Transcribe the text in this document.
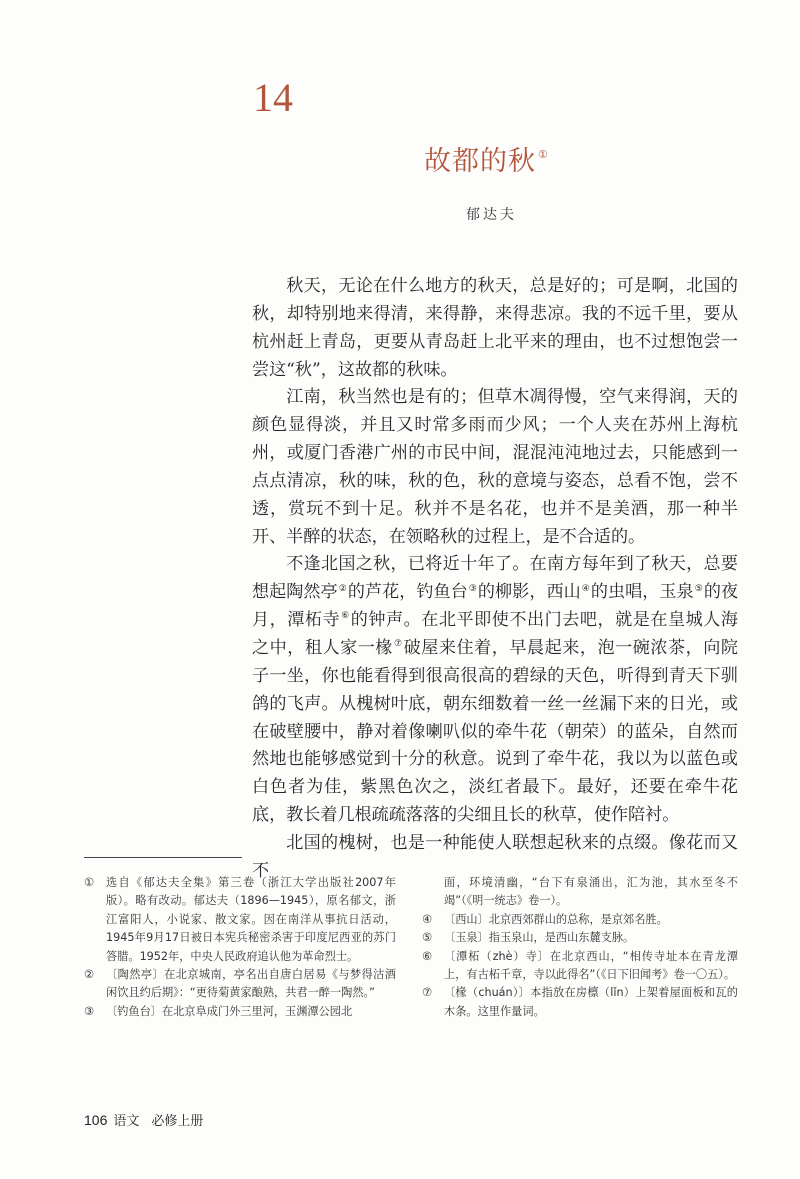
14
故都的秋 ①
郁达夫

秋天，无论在什么地方的秋天，总是好的；可是啊，北国的秋，却特别地来得清，来得静，来得悲凉。我的不远千里，要从杭州赶上青岛，更要从青岛赶上北平来的理由，也不过想饱尝一尝这“秋”，这故都的秋味。

江南，秋当然也是有的；但草木凋得慢，空气来得润，天的颜色显得淡，并且又时常多雨而少风；一个人夹在苏州上海杭州，或厦门香港广州的市民中间，混混沌沌地过去，只能感到一点点清凉，秋的味，秋的色，秋的意境与姿态，总看不饱，尝不透，赏玩不到十足。秋并不是名花，也并不是美酒，那一种半开、半醉的状态，在领略秋的过程上，是不合适的。

不逢北国之秋，已将近十年了。在南方每年到了秋天，总要想起陶然亭②的芦花，钓鱼台③的柳影，西山④的虫唱，玉泉⑤的夜月，潭柘寺⑥的钟声。在北平即使不出门去吧，就是在皇城人海之中，租人家一椽⑦破屋来住着，早晨起来，泡一碗浓茶，向院子一坐，你也能看得到很高很高的碧绿的天色，听得到青天下驯鸽的飞声。从槐树叶底，朝东细数着一丝一丝漏下来的日光，或在破壁腰中，静对着像喇叭似的牵牛花（朝荣）的蓝朵，自然而然地也能够感觉到十分的秋意。说到了牵牛花，我以为以蓝色或白色者为佳，紫黑色次之，淡红者最下。最好，还要在牵牛花底，教长着几根疏疏落落的尖细且长的秋草，使作陪衬。

北国的槐树，也是一种能使人联想起秋来的点缀。像花而又不

①	选自《郁达夫全集》第三卷（浙江大学出版社2007年版）。略有改动。郁达夫（1896—1945），原名郁文，浙江富阳人，小说家、散文家。因在南洋从事抗日活动，1945年9月17日被日本宪兵秘密杀害于印度尼西亚的苏门答腊。1952年，中央人民政府追认他为革命烈士。
②	〔陶然亭〕在北京城南，亭名出自唐白居易《与梦得沽酒闲饮且约后期》：“更待菊黄家酿熟，共君一醉一陶然。”
③	〔钓鱼台〕在北京阜成门外三里河，玉渊潭公园北
面，环境清幽，“台下有泉涌出，汇为池，其水至冬不竭”（《明一统志》卷一）。
④	〔西山〕北京西郊群山的总称，是京郊名胜。
⑤	〔玉泉〕指玉泉山，是西山东麓支脉。
⑥	〔潭柘（zhè）寺〕在北京西山，“相传寺址本在青龙潭上，有古柘千章，寺以此得名”（《日下旧闻考》卷一〇五）。
⑦	〔椽（chuán）〕本指放在房檩（lǐn）上架着屋面板和瓦的木条。这里作量词。
106 语文 必修上册
